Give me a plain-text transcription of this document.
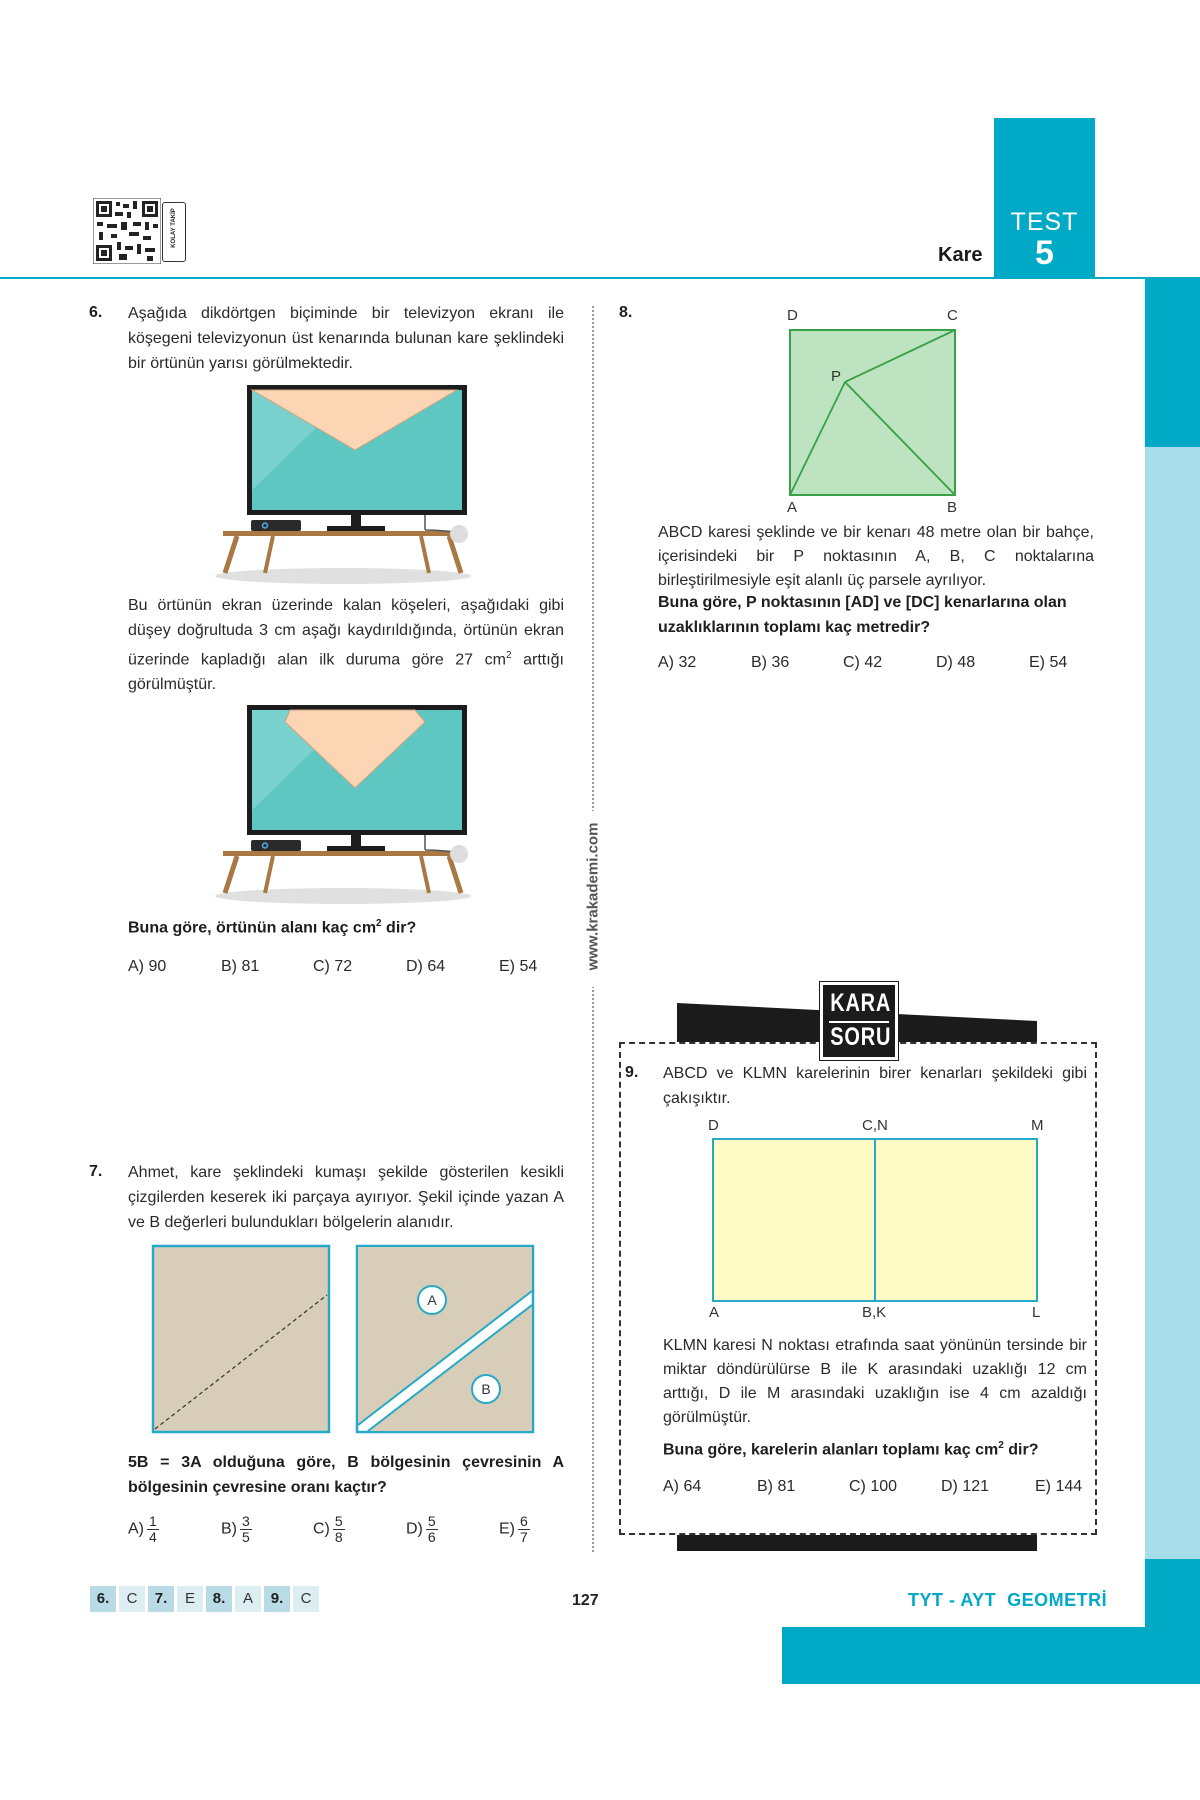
KOLAY TAKİP
Kare
TEST
5
www.krakademi.com
6. Aşağıda dikdörtgen biçiminde bir televizyon ekranı ile köşegeni televizyonun üst kenarında bulunan kare şeklindeki bir örtünün yarısı görülmektedir.
Bu örtünün ekran üzerinde kalan köşeleri, aşağıdaki gibi düşey doğrultuda 3 cm aşağı kaydırıldığında, örtünün ekran üzerinde kapladığı alan ilk duruma göre 27 $cm^2$ arttığı görülmüştür.
Buna göre, örtünün alanı kaç $cm^2$ dir?
A) 90	B) 81	C) 72	D) 64	E) 54
7. Ahmet, kare şeklindeki kumaşı şekilde gösterilen kesikli çizgilerden keserek iki parçaya ayırıyor. Şekil içinde yazan A ve B değerleri bulundukları bölgelerin alanıdır.
A
B
5B = 3A olduğuna göre, B bölgesinin çevresinin A bölgesinin çevresine oranı kaçtır?
$A) \frac{1}{4}$	$B) \frac{3}{5}$	$C) \frac{5}{8}$	$D) \frac{5}{6}$	$E) \frac{6}{7}$
8.	D	C
P
A	B
ABCD karesi şeklinde ve bir kenarı 48 metre olan bir bahçe, içerisindeki bir P noktasının A, B, C noktalarına birleştirilmesiyle eşit alanlı üç parsele ayrılıyor.
Buna göre, P noktasının [AD] ve [DC] kenarlarına olan uzaklıklarının toplamı kaç metredir?
A) 32	B) 36	C) 42	D) 48	E) 54
KARA
SORU
9. ABCD ve KLMN karelerinin birer kenarları şekildeki gibi çakışıktır.
D	C,N	M
A	B,K	L
KLMN karesi N noktası etrafında saat yönünün tersinde bir miktar döndürülürse B ile K arasındaki uzaklığı 12 cm arttığı, D ile M arasındaki uzaklığın ise 4 cm azaldığı görülmüştür.
Buna göre, karelerin alanları toplamı kaç $cm^2$ dir?
A) 64	B) 81	C) 100	D) 121	E) 144
6.	C	7.	E	8.	A	9.	C	127	TYT - AYT  GEOMETRİ
